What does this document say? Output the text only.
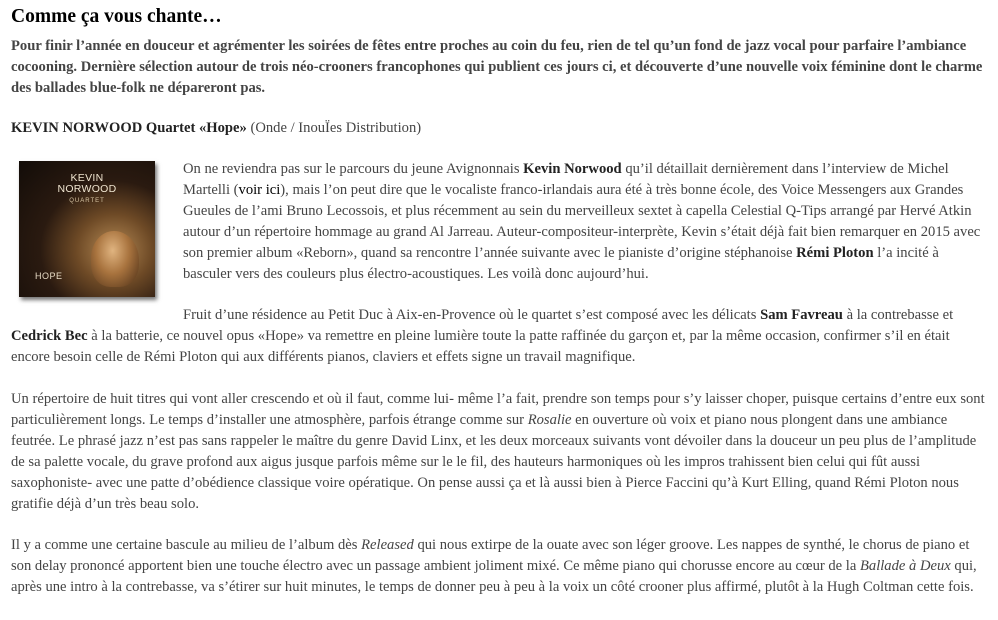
Comme ça vous chante…

Pour finir l’année en douceur et agrémenter les soirées de fêtes entre proches au coin du feu, rien de tel qu’un fond de jazz vocal pour parfaire l’ambiance cocooning. Dernière sélection autour de trois néo-crooners francophones qui publient ces jours ci, et découverte d’une nouvelle voix féminine dont le charme des ballades blue-folk ne dépareront pas.

KEVIN NORWOOD Quartet «Hope» (Onde / InouЇes Distribution)

KEVIN
NORWOOD
QUARTET
HOPE

On ne reviendra pas sur le parcours du jeune Avignonnais Kevin Norwood qu’il détaillait dernièrement dans l’interview de Michel Martelli (voir ici), mais l’on peut dire que le vocaliste franco-irlandais aura été à très bonne école, des Voice Messengers aux Grandes Gueules de l’ami Bruno Lecossois, et plus récemment au sein du merveilleux sextet à capella Celestial Q-Tips arrangé par Hervé Atkin autour d’un répertoire hommage au grand Al Jarreau. Auteur-compositeur-interprète, Kevin s’était déjà fait bien remarquer en 2015 avec son premier album «Reborn», quand sa rencontre l’année suivante avec le pianiste d’origine stéphanoise Rémi Ploton l’a incité à basculer vers des couleurs plus électro-acoustiques. Les voilà donc aujourd’hui.

Fruit d’une résidence au Petit Duc à Aix-en-Provence où le quartet s’est composé avec les délicats Sam Favreau à la contrebasse et Cedrick Bec à la batterie, ce nouvel opus «Hope» va remettre en pleine lumière toute la patte raffinée du garçon et, par la même occasion, confirmer s’il en était encore besoin celle de Rémi Ploton qui aux différents pianos, claviers et effets signe un travail magnifique.

Un répertoire de huit titres qui vont aller crescendo et où il faut, comme lui- même l’a fait, prendre son temps pour s’y laisser choper, puisque certains d’entre eux sont particulièrement longs. Le temps d’installer une atmosphère, parfois étrange comme sur Rosalie en ouverture où voix et piano nous plongent dans une ambiance feutrée. Le phrasé jazz n’est pas sans rappeler le maître du genre David Linx, et les deux morceaux suivants vont dévoiler dans la douceur un peu plus de l’amplitude de sa palette vocale, du grave profond aux aigus jusque parfois même sur le le fil, des hauteurs harmoniques où les impros trahissent bien celui qui fût aussi saxophoniste- avec une patte d’obédience classique voire opératique. On pense aussi ça et là aussi bien à Pierce Faccini qu’à Kurt Elling, quand Rémi Ploton nous gratifie déjà d’un très beau solo.

Il y a comme une certaine bascule au milieu de l’album dès Released qui nous extirpe de la ouate avec son léger groove. Les nappes de synthé, le chorus de piano et son delay prononcé apportent bien une touche électro avec un passage ambient joliment mixé. Ce même piano qui chorusse encore au cœur de la Ballade à Deux qui, après une intro à la contrebasse, va s’étirer sur huit minutes, le temps de donner peu à peu à la voix un côté crooner plus affirmé, plutôt à la Hugh Coltman cette fois.
